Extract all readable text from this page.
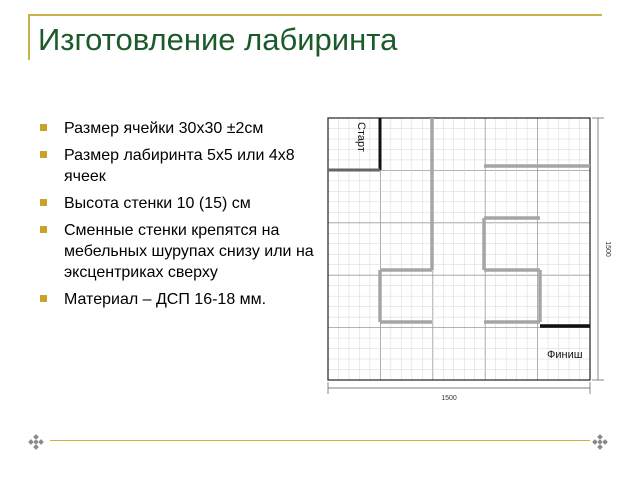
Изготовление лабиринта
Размер ячейки 30х30 ±2см
Размер лабиринта 5х5 или 4х8 ячеек
Высота стенки 10 (15) см
Сменные стенки крепятся на мебельных шурупах снизу или на эксцентриках сверху
Материал – ДСП 16-18 мм.
Старт
Финиш
1500
1500
